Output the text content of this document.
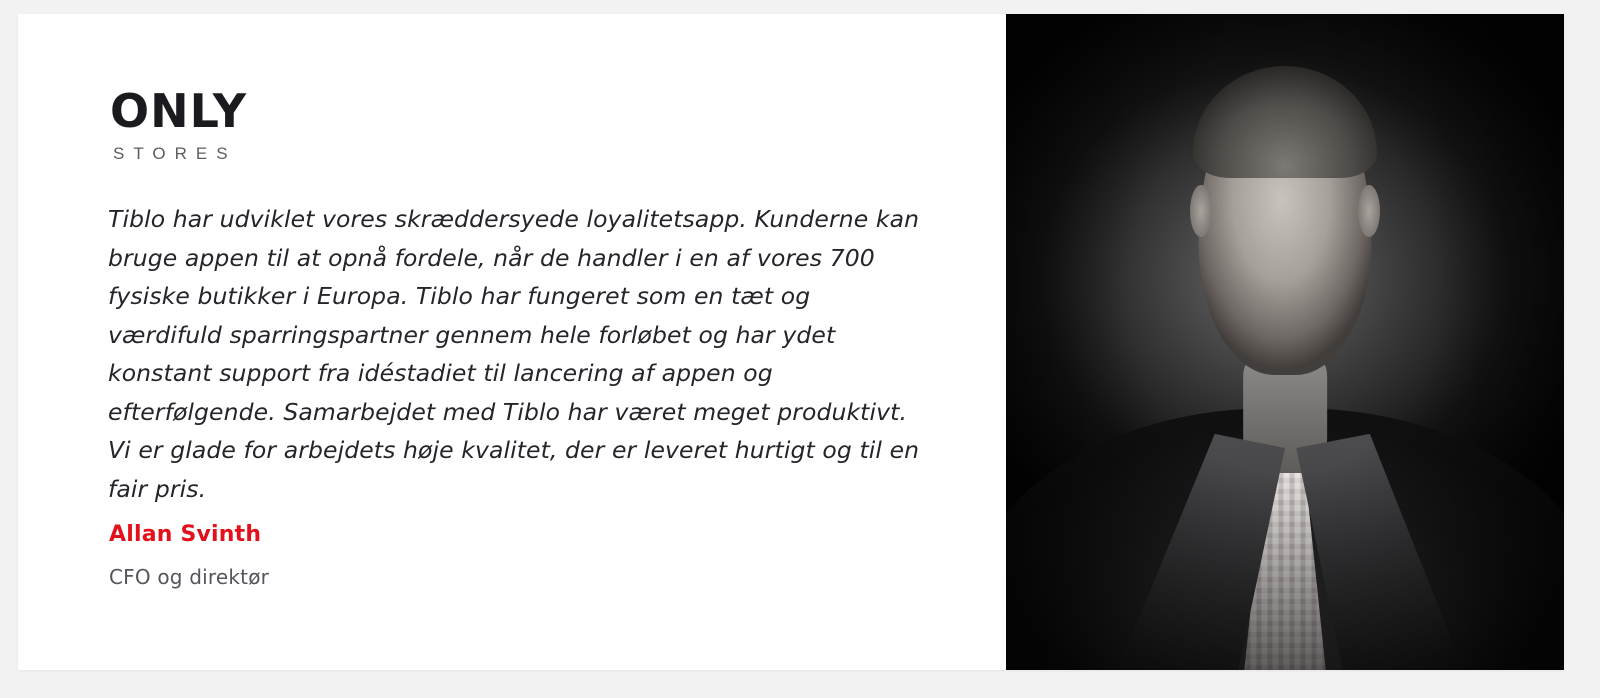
ONLY
STORES
Tiblo har udviklet vores skræddersyede loyalitetsapp. Kunderne kan bruge appen til at opnå fordele, når de handler i en af vores 700 fysiske butikker i Europa. Tiblo har fungeret som en tæt og værdifuld sparringspartner gennem hele forløbet og har ydet konstant support fra idéstadiet til lancering af appen og efterfølgende. Samarbejdet med Tiblo har været meget produktivt. Vi er glade for arbejdets høje kvalitet, der er leveret hurtigt og til en fair pris.
Allan Svinth
CFO og direktør
